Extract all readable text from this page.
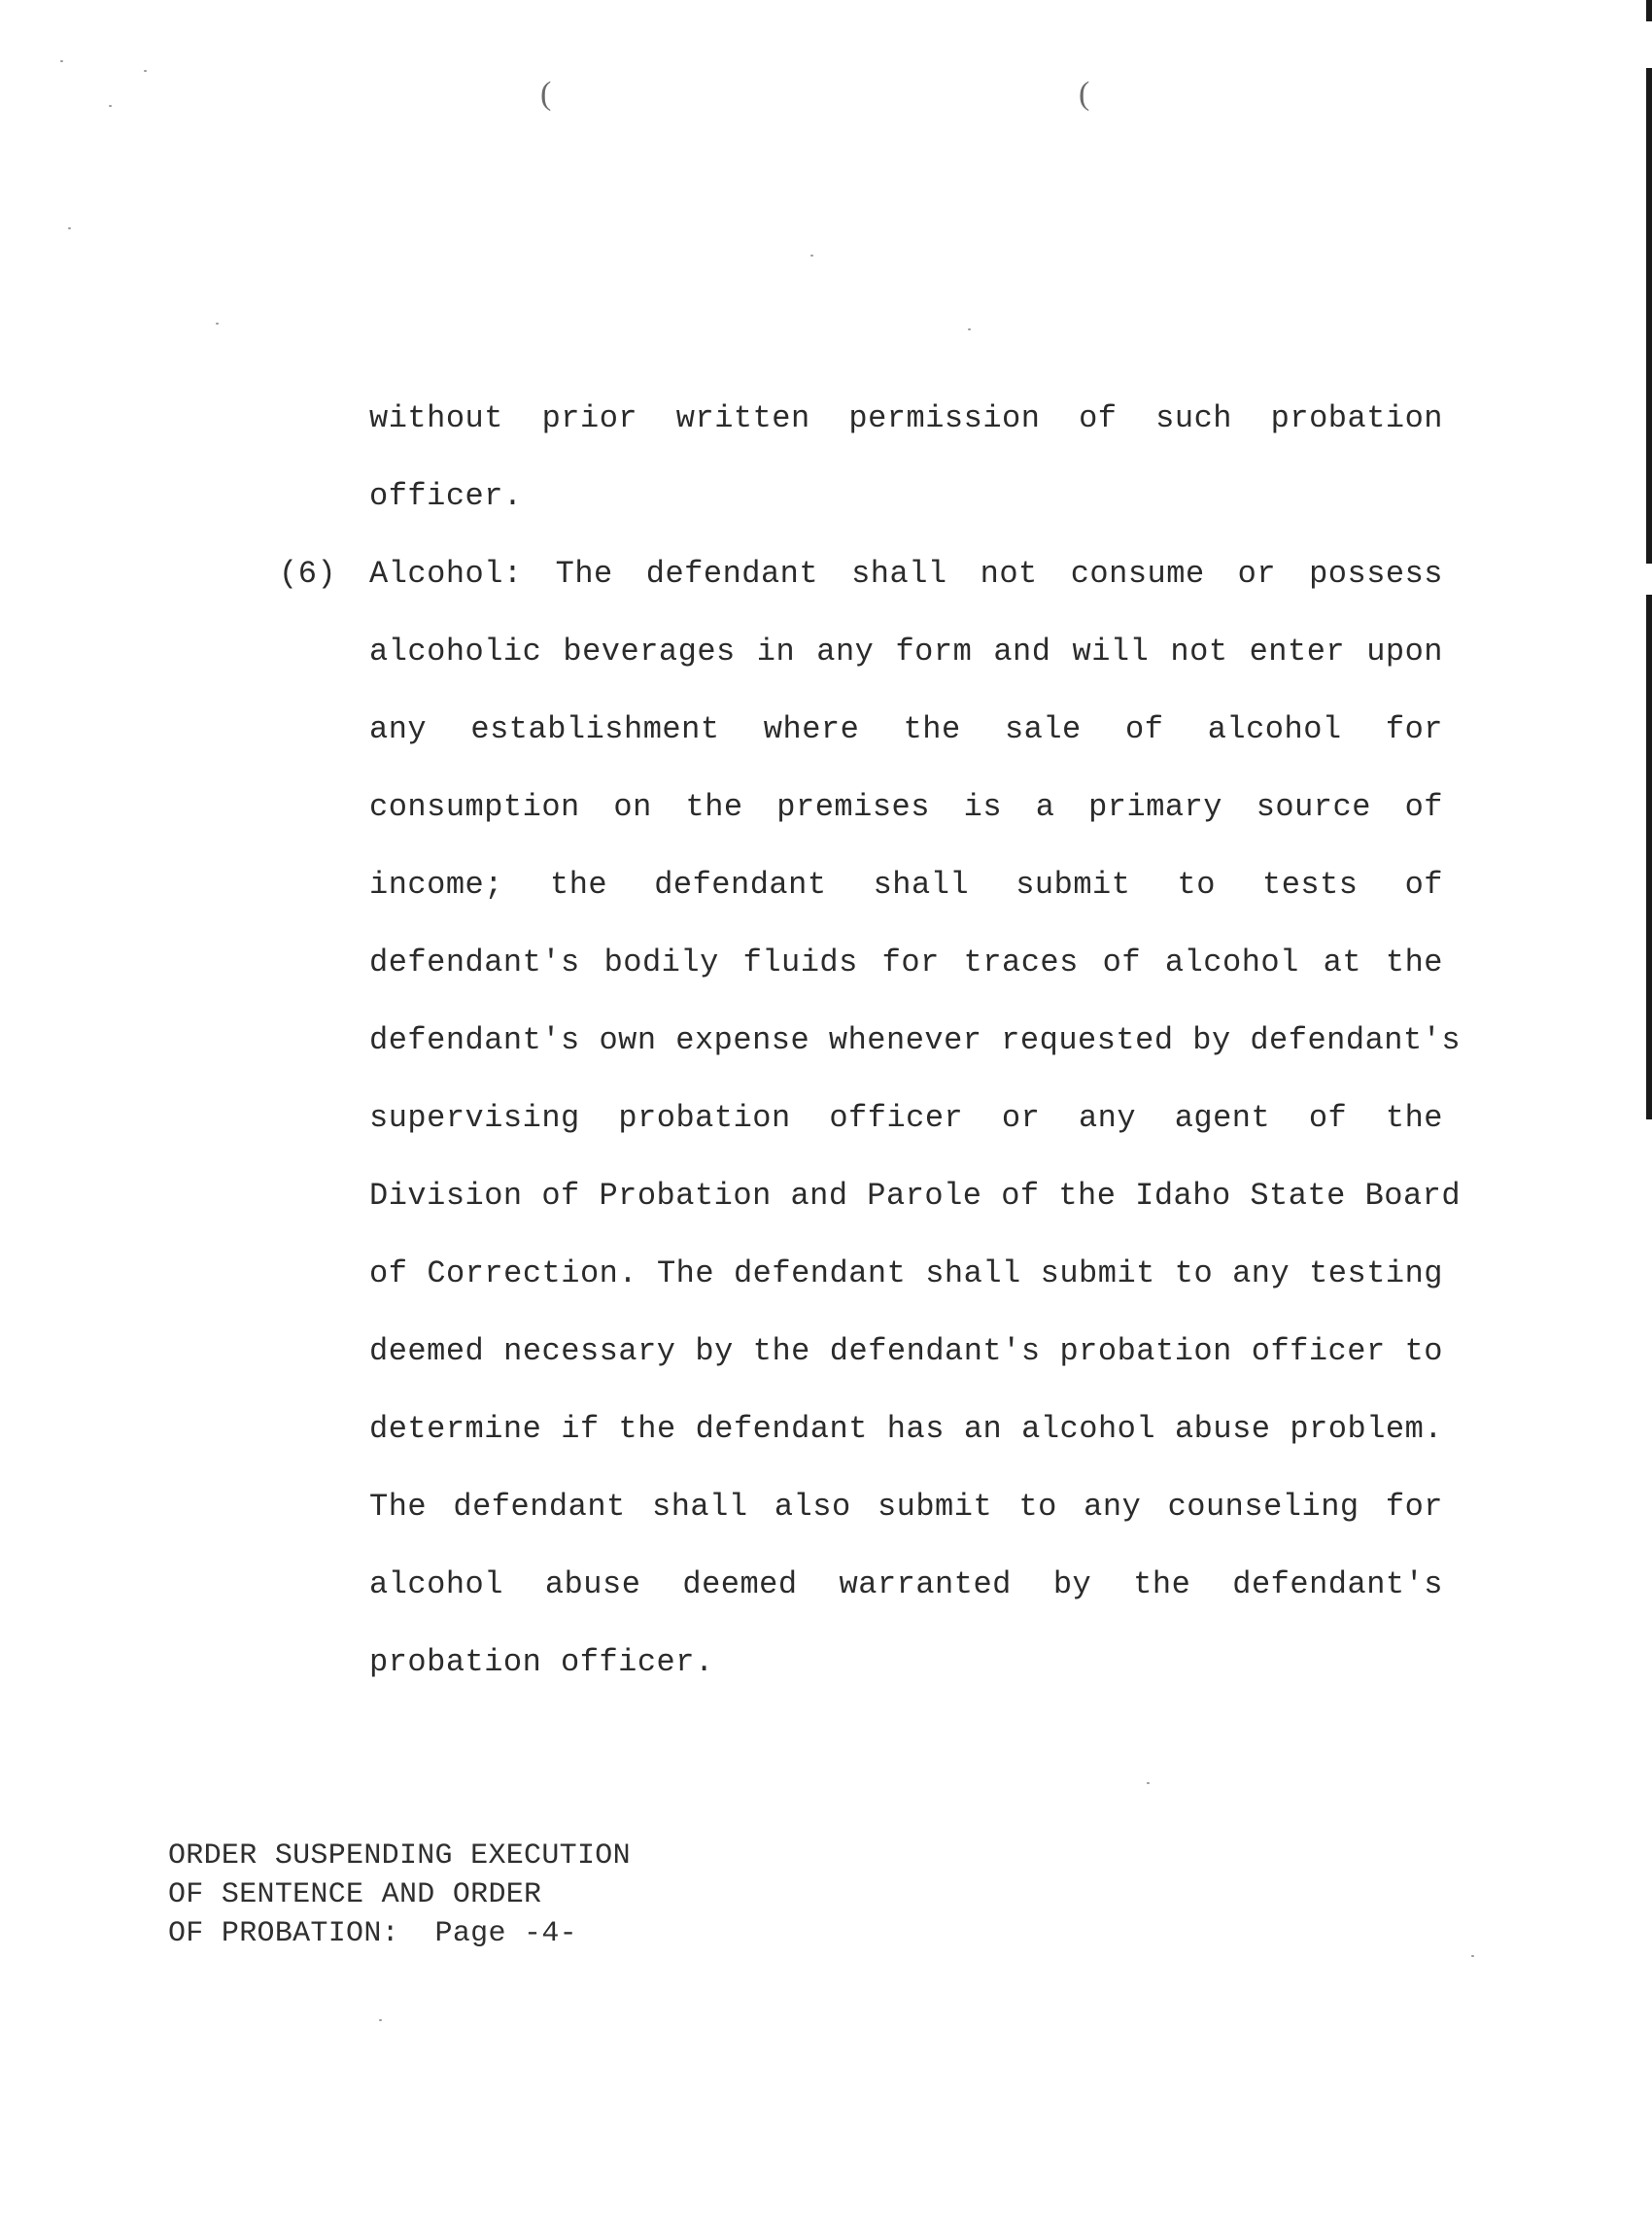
(	(
(6)
without prior written permission of such probation
officer.
Alcohol: The defendant shall not consume or possess
alcoholic beverages in any form and will not enter upon
any establishment where the sale of alcohol for
consumption on the premises is a primary source of
income; the defendant shall submit to tests of
defendant's bodily fluids for traces of alcohol at the
defendant's own expense whenever requested by defendant's
supervising probation officer or any agent of the
Division of Probation and Parole of the Idaho State Board
of Correction. The defendant shall submit to any testing
deemed necessary by the defendant's probation officer to
determine if the defendant has an alcohol abuse problem.
The defendant shall also submit to any counseling for
alcohol abuse deemed warranted by the defendant's
probation officer.
ORDER SUSPENDING EXECUTION
OF SENTENCE AND ORDER
OF PROBATION:  Page -4-
